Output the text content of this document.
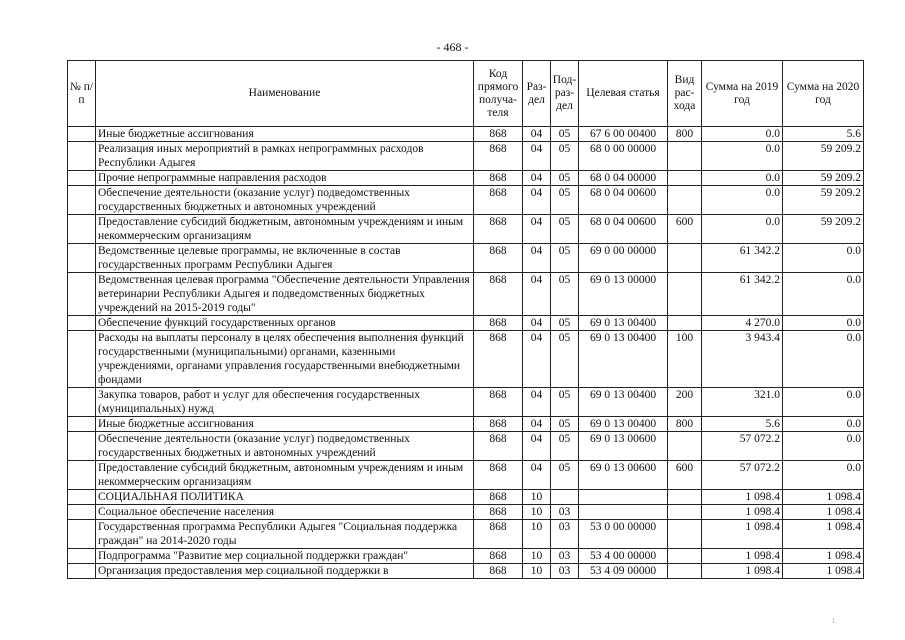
- 468 -
№ п/п	Наименование	Код прямого получа-теля	Раз-дел	Под-раз-дел	Целевая статья	Вид рас-хода	Сумма на 2019 год	Сумма на 2020 год
	Иные бюджетные ассигнования	868	04	05	67 6 00 00400	800	0.0	5.6
	Реализация иных мероприятий в рамках непрограммных расходов Республики Адыгея	868	04	05	68 0 00 00000		0.0	59 209.2
	Прочие непрограммные направления расходов	868	04	05	68 0 04 00000		0.0	59 209.2
	Обеспечение деятельности (оказание услуг) подведомственных государственных бюджетных и автономных учреждений	868	04	05	68 0 04 00600		0.0	59 209.2
	Предоставление субсидий бюджетным, автономным учреждениям и иным некоммерческим организациям	868	04	05	68 0 04 00600	600	0.0	59 209.2
	Ведомственные целевые программы, не включенные в состав государственных программ Республики Адыгея	868	04	05	69 0 00 00000		61 342.2	0.0
	Ведомственная целевая программа "Обеспечение деятельности Управления ветеринарии Республики Адыгея и подведомственных бюджетных учреждений на 2015-2019 годы"	868	04	05	69 0 13 00000		61 342.2	0.0
	Обеспечение функций государственных органов	868	04	05	69 0 13 00400		4 270.0	0.0
	Расходы на выплаты персоналу в целях обеспечения выполнения функций государственными (муниципальными) органами, казенными учреждениями, органами управления государственными внебюджетными фондами	868	04	05	69 0 13 00400	100	3 943.4	0.0
	Закупка товаров, работ и услуг для обеспечения государственных (муниципальных) нужд	868	04	05	69 0 13 00400	200	321.0	0.0
	Иные бюджетные ассигнования	868	04	05	69 0 13 00400	800	5.6	0.0
	Обеспечение деятельности (оказание услуг) подведомственных государственных бюджетных и автономных учреждений	868	04	05	69 0 13 00600		57 072.2	0.0
	Предоставление субсидий бюджетным, автономным учреждениям и иным некоммерческим организациям	868	04	05	69 0 13 00600	600	57 072.2	0.0
	СОЦИАЛЬНАЯ ПОЛИТИКА	868	10				1 098.4	1 098.4
	Социальное обеспечение населения	868	10	03			1 098.4	1 098.4
	Государственная программа Республики Адыгея "Социальная поддержка граждан" на 2014-2020 годы	868	10	03	53 0 00 00000		1 098.4	1 098.4
	Подпрограмма "Развитие мер социальной поддержки граждан"	868	10	03	53 4 00 00000		1 098.4	1 098.4
	Организация предоставления мер социальной поддержки в	868	10	03	53 4 09 00000		1 098.4	1 098.4
ı
